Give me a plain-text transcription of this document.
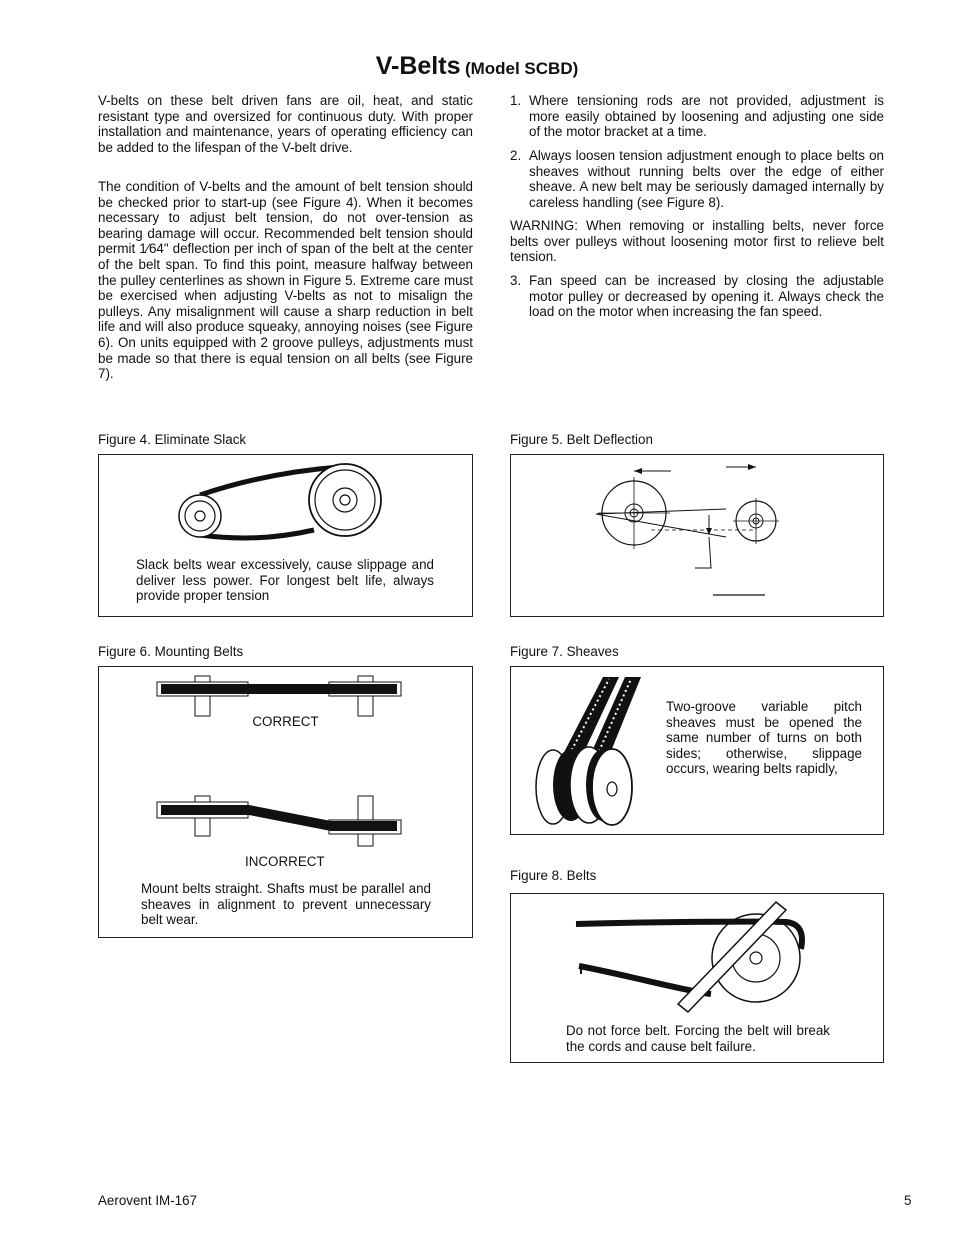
V-Belts (Model SCBD)

V-belts on these belt driven fans are oil, heat, and static resistant type and oversized for continuous duty. With proper installation and maintenance, years of operating efficiency can be added to the lifespan of the V-belt drive.

The condition of V-belts and the amount of belt tension should be checked prior to start-up (see Figure 4). When it becomes necessary to adjust belt tension, do not over-tension as bearing damage will occur. Recommended belt tension should permit 1⁄64" deflection per inch of span of the belt at the center of the belt span. To find this point, measure halfway between the pulley centerlines as shown in Figure 5. Extreme care must be exercised when adjusting V-belts as not to misalign the pulleys. Any misalignment will cause a sharp reduction in belt life and will also produce squeaky, annoying noises (see Figure 6). On units equipped with 2 groove pulleys, adjustments must be made so that there is equal tension on all belts (see Figure 7).

1. Where tensioning rods are not provided, adjustment is more easily obtained by loosening and adjusting one side of the motor bracket at a time.
2. Always loosen tension adjustment enough to place belts on sheaves without running belts over the edge of either sheave. A new belt may be seriously damaged internally by careless handling (see Figure 8).

WARNING: When removing or installing belts, never force belts over pulleys without loosening motor first to relieve belt tension.

3. Fan speed can be increased by closing the adjustable motor pulley or decreased by opening it. Always check the load on the motor when increasing the fan speed.
Figure 4. Eliminate Slack
Slack belts wear excessively, cause slippage and deliver less power. For longest belt life, always provide proper tension
Figure 5. Belt Deflection
Figure 6. Mounting Belts
CORRECT
INCORRECT
Mount belts straight. Shafts must be parallel and sheaves in alignment to prevent unnecessary belt wear.
Figure 7. Sheaves
Two-groove variable pitch sheaves must be opened the same number of turns on both sides; otherwise, slippage occurs, wearing belts rapidly,
Figure 8. Belts
Do not force belt. Forcing the belt will break the cords and cause belt failure.
Aerovent IM-167	5
